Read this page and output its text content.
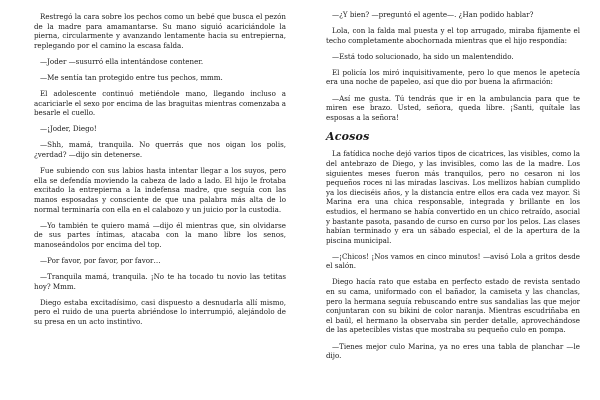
Restregó la cara sobre los pechos como un bebé que busca el pezón de la madre para amamantarse. Su mano siguió acariciándole la pierna, circularmente y avanzando lentamente hacia su entrepierna, replegando por el camino la escasa falda.

—Joder —susurró ella intentándose contener.

—Me sentía tan protegido entre tus pechos, mmm.

El adolescente continuó metiéndole mano, llegando incluso a acariciarle el sexo por encima de las braguitas mientras comenzaba a besarle el cuello.

—¡Joder, Diego!

—Shh, mamá, tranquila. No querrás que nos oigan los polis, ¿verdad? —dijo sin detenerse.

Fue subiendo con sus labios hasta intentar llegar a los suyos, pero ella se defendía moviendo la cabeza de lado a lado. El hijo le frotaba excitado la entrepierna a la indefensa madre, que seguía con las manos esposadas y consciente de que una palabra más alta de lo normal terminaría con ella en el calabozo y un juicio por la custodia.

—Yo también te quiero mamá —dijo él mientras que, sin olvidarse de sus partes íntimas, atacaba con la mano libre los senos, manoseándolos por encima del top.

—Por favor, por favor, por favor…

—Tranquila mamá, tranquila. ¡No te ha tocado tu novio las tetitas hoy? Mmm.

Diego estaba excitadísimo, casi dispuesto a desnudarla allí mismo, pero el ruido de una puerta abriéndose lo interrumpió, alejándolo de su presa en un acto instintivo.

—¿Y bien? —preguntó el agente—. ¿Han podido hablar?

Lola, con la falda mal puesta y el top arrugado, miraba fijamente el techo completamente abochornada mientras que el hijo respondía:

—Está todo solucionado, ha sido un malentendido.

El policía los miró inquisitivamente, pero lo que menos le apetecía era una noche de papeleo, así que dio por buena la afirmación:

—Así me gusta. Tú tendrás que ir en la ambulancia para que te miren ese brazo. Usted, señora, queda libre. ¡Santi, quítale las esposas a la señora!

Acosos

La fatídica noche dejó varios tipos de cicatrices, las visibles, como la del antebrazo de Diego, y las invisibles, como las de la madre. Los siguientes meses fueron más tranquilos, pero no cesaron ni los pequeños roces ni las miradas lascivas. Los mellizos habían cumplido ya los dieciséis años, y la distancia entre ellos era cada vez mayor. Si Marina era una chica responsable, integrada y brillante en los estudios, el hermano se había convertido en un chico retraído, asocial y bastante pasota, pasando de curso en curso por los pelos. Las clases habían terminado y era un sábado especial, el de la apertura de la piscina municipal.

—¡Chicos! ¡Nos vamos en cinco minutos! —avisó Lola a gritos desde el salón.

Diego hacía rato que estaba en perfecto estado de revista sentado en su cama, uniformado con el bañador, la camiseta y las chanclas, pero la hermana seguía rebuscando entre sus sandalias las que mejor conjuntaran con su bikini de color naranja. Mientras escudriñaba en el baúl, el hermano la observaba sin perder detalle, aprovechándose de las apetecibles vistas que mostraba su pequeño culo en pompa.

—Tienes mejor culo Marina, ya no eres una tabla de planchar —le dijo.
